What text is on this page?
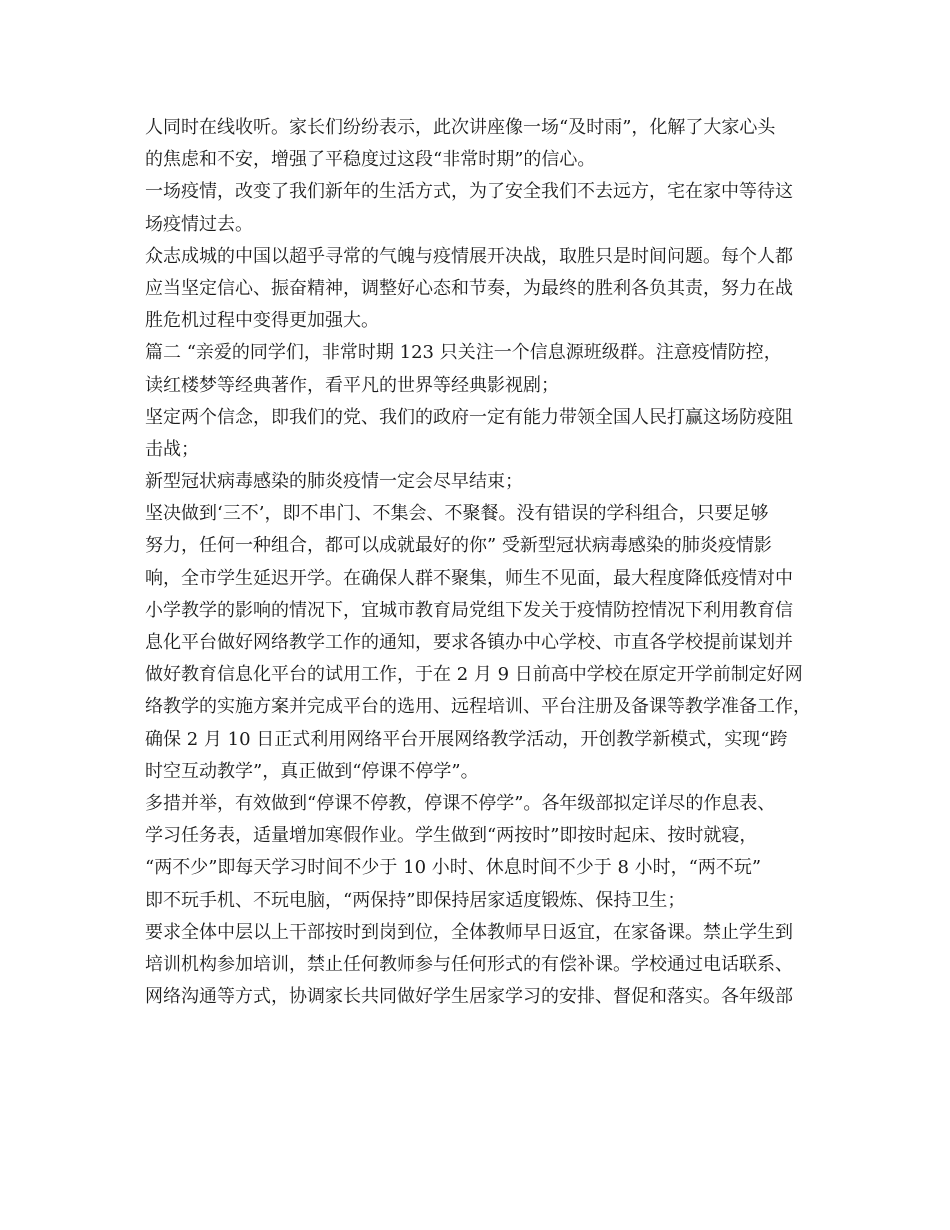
人同时在线收听。家长们纷纷表示，此次讲座像一场“及时雨”，化解了大家心头
的焦虑和不安，增强了平稳度过这段“非常时期”的信心。
一场疫情，改变了我们新年的生活方式，为了安全我们不去远方，宅在家中等待这
场疫情过去。
众志成城的中国以超乎寻常的气魄与疫情展开决战，取胜只是时间问题。每个人都
应当坚定信心、振奋精神，调整好心态和节奏，为最终的胜利各负其责，努力在战
胜危机过程中变得更加强大。
篇二 “亲爱的同学们，非常时期 123 只关注一个信息源班级群。注意疫情防控，
读红楼梦等经典著作，看平凡的世界等经典影视剧；
坚定两个信念，即我们的党、我们的政府一定有能力带领全国人民打赢这场防疫阻
击战；
新型冠状病毒感染的肺炎疫情一定会尽早结束；
坚决做到‘三不’，即不串门、不集会、不聚餐。没有错误的学科组合，只要足够
努力，任何一种组合，都可以成就最好的你” 受新型冠状病毒感染的肺炎疫情影
响，全市学生延迟开学。在确保人群不聚集，师生不见面，最大程度降低疫情对中
小学教学的影响的情况下，宜城市教育局党组下发关于疫情防控情况下利用教育信
息化平台做好网络教学工作的通知，要求各镇办中心学校、市直各学校提前谋划并
做好教育信息化平台的试用工作，于在 2 月 9 日前高中学校在原定开学前制定好网
络教学的实施方案并完成平台的选用、远程培训、平台注册及备课等教学准备工作，
确保 2 月 10 日正式利用网络平台开展网络教学活动，开创教学新模式，实现“跨
时空互动教学”，真正做到“停课不停学”。
多措并举，有效做到“停课不停教，停课不停学”。各年级部拟定详尽的作息表、
学习任务表，适量增加寒假作业。学生做到“两按时”即按时起床、按时就寝，
“两不少”即每天学习时间不少于 10 小时、休息时间不少于 8 小时，“两不玩”
即不玩手机、不玩电脑，“两保持”即保持居家适度锻炼、保持卫生；
要求全体中层以上干部按时到岗到位，全体教师早日返宜，在家备课。禁止学生到
培训机构参加培训，禁止任何教师参与任何形式的有偿补课。学校通过电话联系、
网络沟通等方式，协调家长共同做好学生居家学习的安排、督促和落实。各年级部
